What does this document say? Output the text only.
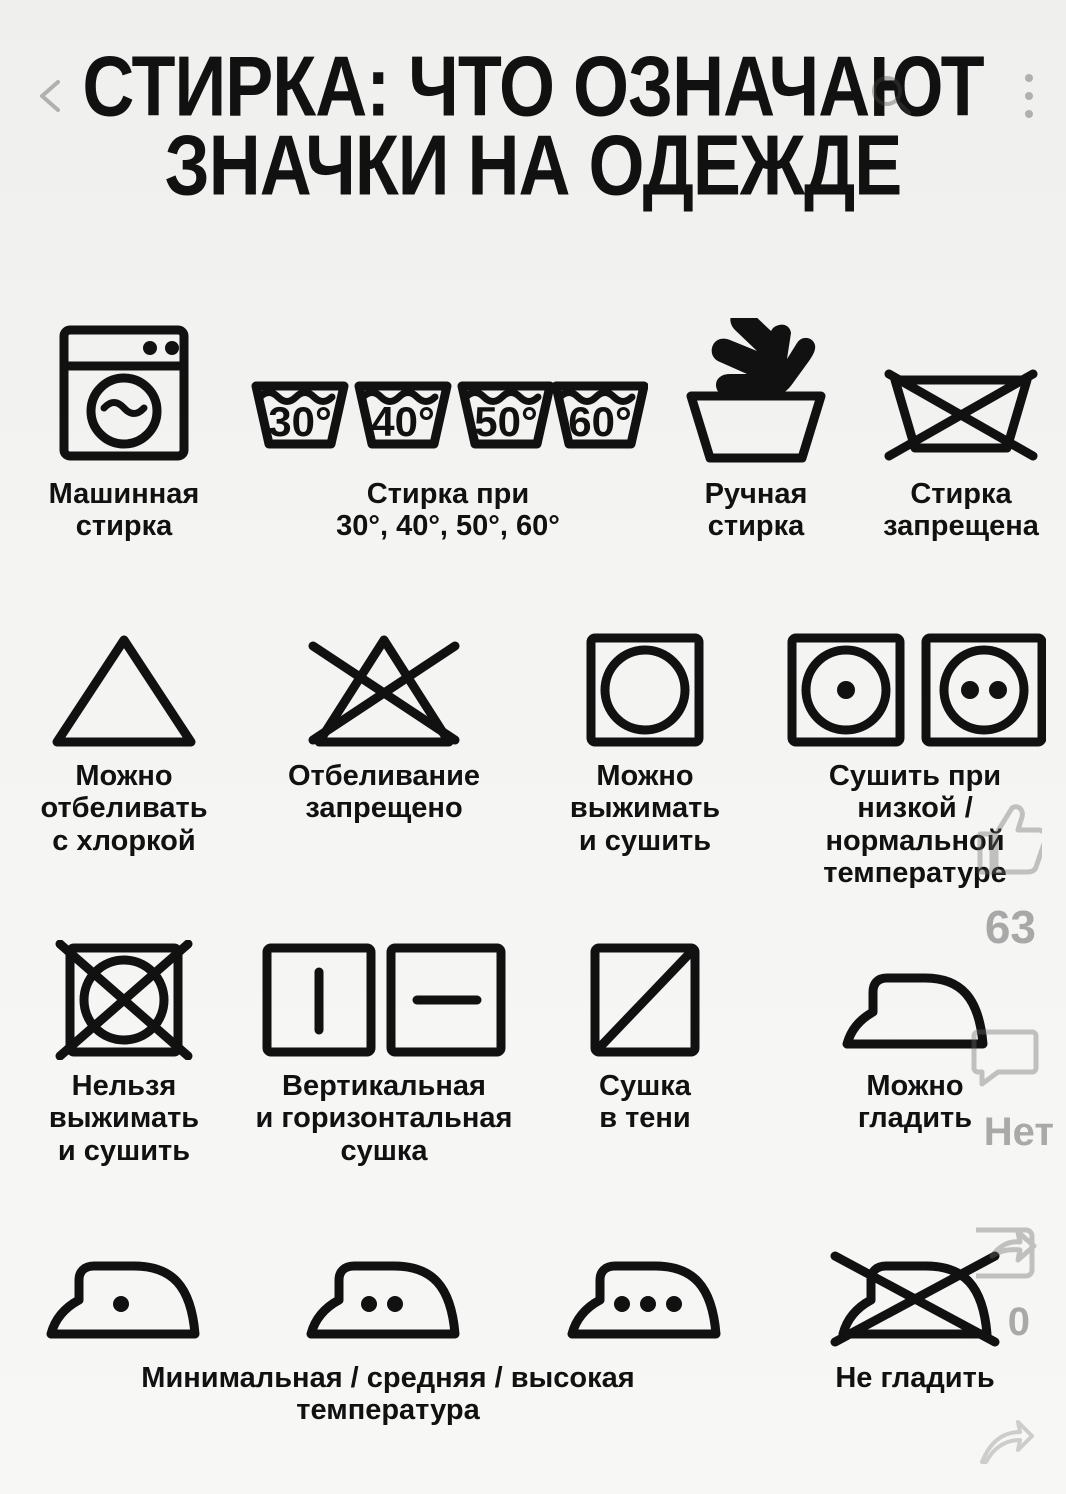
СТИРКА: ЧТО ОЗНАЧАЮТ
ЗНАЧКИ НА ОДЕЖДЕ
Машинная
стирка
30° 40° 50° 60°
Стирка при
30°, 40°, 50°, 60°
Ручная
стирка
Стирка
запрещена
Можно
отбеливать
с хлоркой
Отбеливание
запрещено
Можно
выжимать
и сушить
Сушить при
низкой /
нормальной
температуре
Нельзя
выжимать
и сушить
Вертикальная
и горизонтальная
сушка
Сушка
в тени
Можно
гладить
Не гладить
Минимальная / средняя / высокая
температура
63
Нет
0
